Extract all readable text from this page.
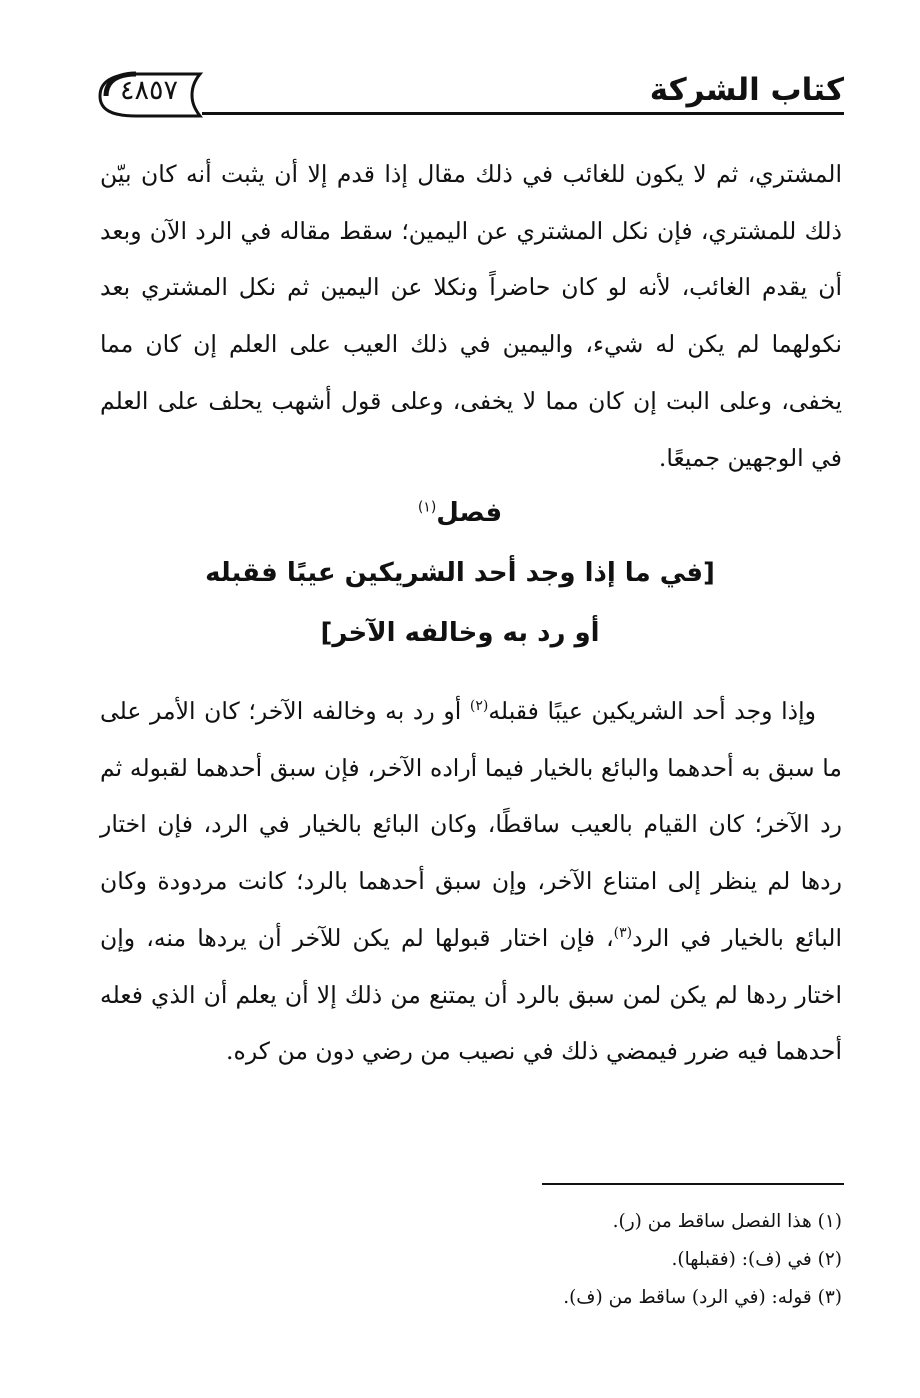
٤٨٥٧	كتاب الشركة
المشتري، ثم لا يكون للغائب في ذلك مقال إذا قدم إلا أن يثبت أنه كان بيّن ذلك للمشتري، فإن نكل المشتري عن اليمين؛ سقط مقاله في الرد الآن وبعد أن يقدم الغائب، لأنه لو كان حاضراً ونكلا عن اليمين ثم نكل المشتري بعد نكولهما لم يكن له شيء، واليمين في ذلك العيب على العلم إن كان مما يخفى، وعلى البت إن كان مما لا يخفى، وعلى قول أشهب يحلف على العلم في الوجهين جميعًا.
فصل$^{(١)}$
[في ما إذا وجد أحد الشريكين عيبًا فقبله
أو رد به وخالفه الآخر]
وإذا وجد أحد الشريكين عيبًا فقبله$^{(٢)}$ أو رد به وخالفه الآخر؛ كان الأمر على ما سبق به أحدهما والبائع بالخيار فيما أراده الآخر، فإن سبق أحدهما لقبوله ثم رد الآخر؛ كان القيام بالعيب ساقطًا، وكان البائع بالخيار في الرد، فإن اختار ردها لم ينظر إلى امتناع الآخر، وإن سبق أحدهما بالرد؛ كانت مردودة وكان البائع بالخيار في الرد$^{(٣)}$، فإن اختار قبولها لم يكن للآخر أن يردها منه، وإن اختار ردها لم يكن لمن سبق بالرد أن يمتنع من ذلك إلا أن يعلم أن الذي فعله أحدهما فيه ضرر فيمضي ذلك في نصيب من رضي دون من كره.
(١) هذا الفصل ساقط من (ر).
(٢) في (ف): (فقبلها).
(٣) قوله: (في الرد) ساقط من (ف).
